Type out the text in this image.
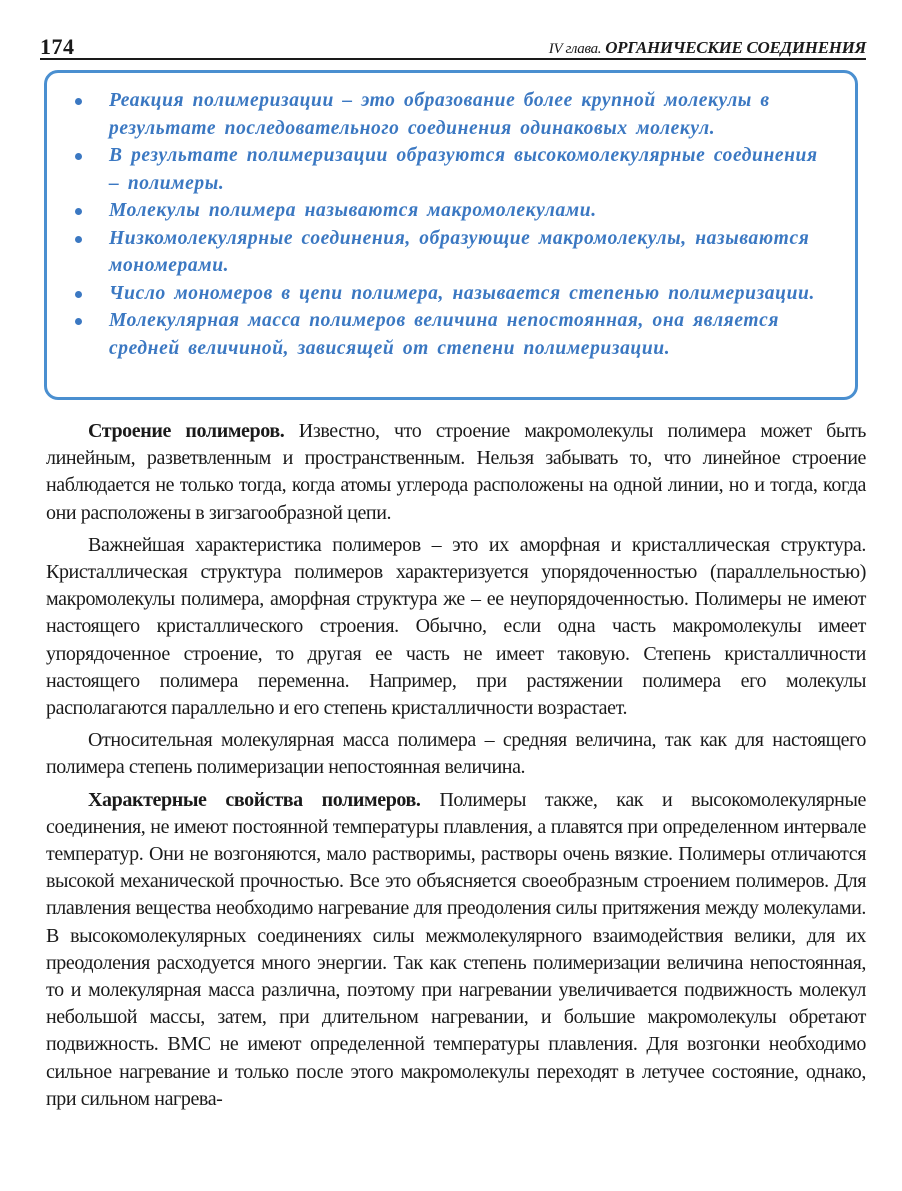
174	IV глава. ОРГАНИЧЕСКИЕ СОЕДИНЕНИЯ
Реакция полимеризации – это образование более крупной молекулы в результате последовательного соединения одинаковых молекул.
В результате полимеризации образуются высокомолекулярные соединения – полимеры.
Молекулы полимера называются макромолекулами.
Низкомолекулярные соединения, образующие макромолекулы, называются мономерами.
Число мономеров в цепи полимера, называется степенью полимеризации.
Молекулярная масса полимеров величина непостоянная, она является средней величиной, зависящей от степени полимеризации.

Строение полимеров. Известно, что строение макромолекулы полимера может быть линейным, разветвленным и пространственным. Нельзя забывать то, что линейное строение наблюдается не только тогда, когда атомы углерода расположены на одной линии, но и тогда, когда они расположены в зигзагообразной цепи.

Важнейшая характеристика полимеров – это их аморфная и кристаллическая структура. Кристаллическая структура полимеров характеризуется упорядоченностью (параллельностью) макромолекулы полимера, аморфная структура же – ее неупорядоченностью. Полимеры не имеют настоящего кристаллического строения. Обычно, если одна часть макромолекулы имеет упорядоченное строение, то другая ее часть не имеет таковую. Степень кристалличности настоящего полимера переменна. Например, при растяжении полимера его молекулы располагаются параллельно и его степень кристалличности возрастает.

Относительная молекулярная масса полимера – средняя величина, так как для настоящего полимера степень полимеризации непостоянная величина.

Характерные свойства полимеров. Полимеры также, как и высокомолекулярные соединения, не имеют постоянной температуры плавления, а плавятся при определенном интервале температур. Они не возгоняются, мало растворимы, растворы очень вязкие. Полимеры отличаются высокой механической прочностью. Все это объясняется своеобразным строением полимеров. Для плавления вещества необходимо нагревание для преодоления силы притяжения между молекулами. В высокомолекулярных соединениях силы межмолекулярного взаимодействия велики, для их преодоления расходуется много энергии. Так как степень полимеризации величина непостоянная, то и молекулярная масса различна, поэтому при нагревании увеличивается подвижность молекул небольшой массы, затем, при длительном нагревании, и большие макромолекулы обретают подвижность. ВМС не имеют определенной температуры плавления. Для возгонки необходимо сильное нагревание и только после этого макромолекулы переходят в летучее состояние, однако, при сильном нагрева-
